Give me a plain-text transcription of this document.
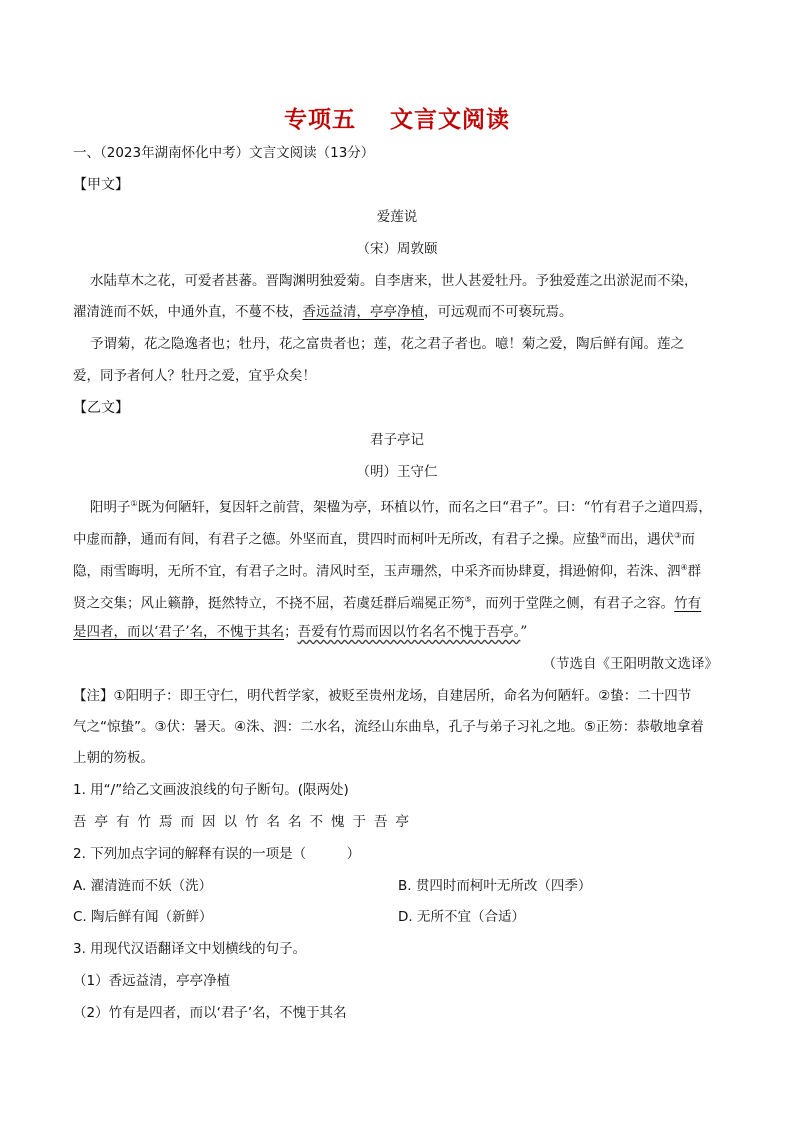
专项五 文言文阅读
一、（2023年湖南怀化中考）文言文阅读（13分）
【甲文】
爱莲说
（宋）周敦颐
水陆草木之花，可爱者甚蕃。晋陶渊明独爱菊。自李唐来，世人甚爱牡丹。予独爱莲之出淤泥而不染，
濯清涟而不妖，中通外直，不蔓不枝，香远益清，亭亭净植，可远观而不可亵玩焉。
予谓菊，花之隐逸者也；牡丹，花之富贵者也；莲，花之君子者也。噫！菊之爱，陶后鲜有闻。莲之
爱，同予者何人？牡丹之爱，宜乎众矣！
【乙文】
君子亭记
（明）王守仁
阳明子①既为何陋轩，复因轩之前营，架楹为亭，环植以竹，而名之曰“君子”。曰：“竹有君子之道四焉，
中虚而静，通而有间，有君子之德。外坚而直，贯四时而柯叶无所改，有君子之操。应蛰②而出，遇伏③而
隐，雨雪晦明，无所不宜，有君子之时。清风时至，玉声珊然，中采齐而协肆夏，揖逊俯仰，若洙、泗④群
贤之交集；风止籁静，挺然特立，不挠不屈，若虞廷群后端冕正笏⑤，而列于堂陛之侧，有君子之容。竹有
是四者，而以‘君子’名，不愧于其名；吾爱有竹焉而因以竹名名不愧于吾亭。”
（节选自《王阳明散文选译》
【注】①阳明子：即王守仁，明代哲学家，被贬至贵州龙场，自建居所，命名为何陋轩。②蛰：二十四节
气之“惊蛰”。③伏：暑天。④洙、泗：二水名，流经山东曲阜，孔子与弟子习礼之地。⑤正笏：恭敬地拿着
上朝的笏板。
1. 用“/”给乙文画波浪线的句子断句。(限两处)
吾亭有竹焉而因以竹名名不愧于吾亭
2. 下列加点字词的解释有误的一项是（　　　）
A. 濯清涟而不妖（洗）	B. 贯四时而柯叶无所改（四季）
C. 陶后鲜有闻（新鲜）	D. 无所不宜（合适）
3. 用现代汉语翻译文中划横线的句子。
（1）香远益清，亭亭净植
（2）竹有是四者，而以‘君子’名，不愧于其名
